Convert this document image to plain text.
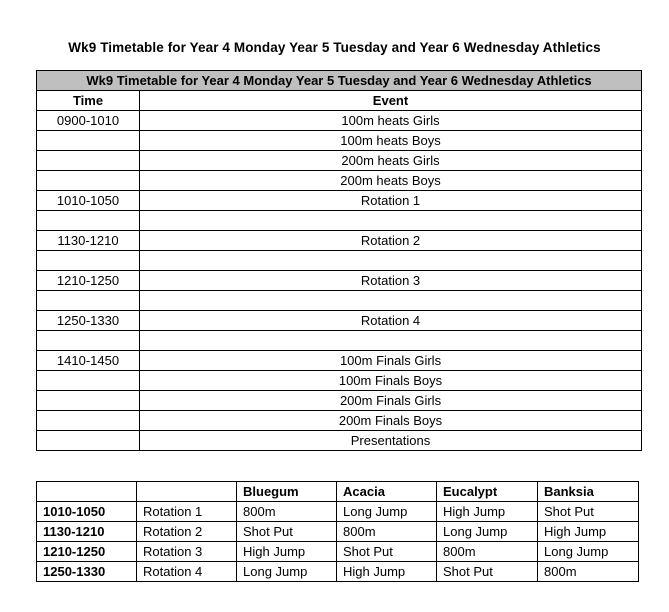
Wk9 Timetable for Year 4 Monday Year 5 Tuesday and Year 6 Wednesday Athletics
Wk9 Timetable for Year 4 Monday Year 5 Tuesday and Year 6 Wednesday Athletics	
Time	Event
0900-1010	100m heats Girls
	100m heats Boys
	200m heats Girls
	200m heats Boys
1010-1050	Rotation 1

1130-1210	Rotation 2

1210-1250	Rotation 3

1250-1330	Rotation 4

1410-1450	100m Finals Girls
	100m Finals Boys
	200m Finals Girls
	200m Finals Boys
	Presentations
		Bluegum	Acacia	Eucalypt	Banksia
1010-1050	Rotation 1	800m	Long Jump	High Jump	Shot Put
1130-1210	Rotation 2	Shot Put	800m	Long Jump	High Jump
1210-1250	Rotation 3	High Jump	Shot Put	800m	Long Jump
1250-1330	Rotation 4	Long Jump	High Jump	Shot Put	800m
